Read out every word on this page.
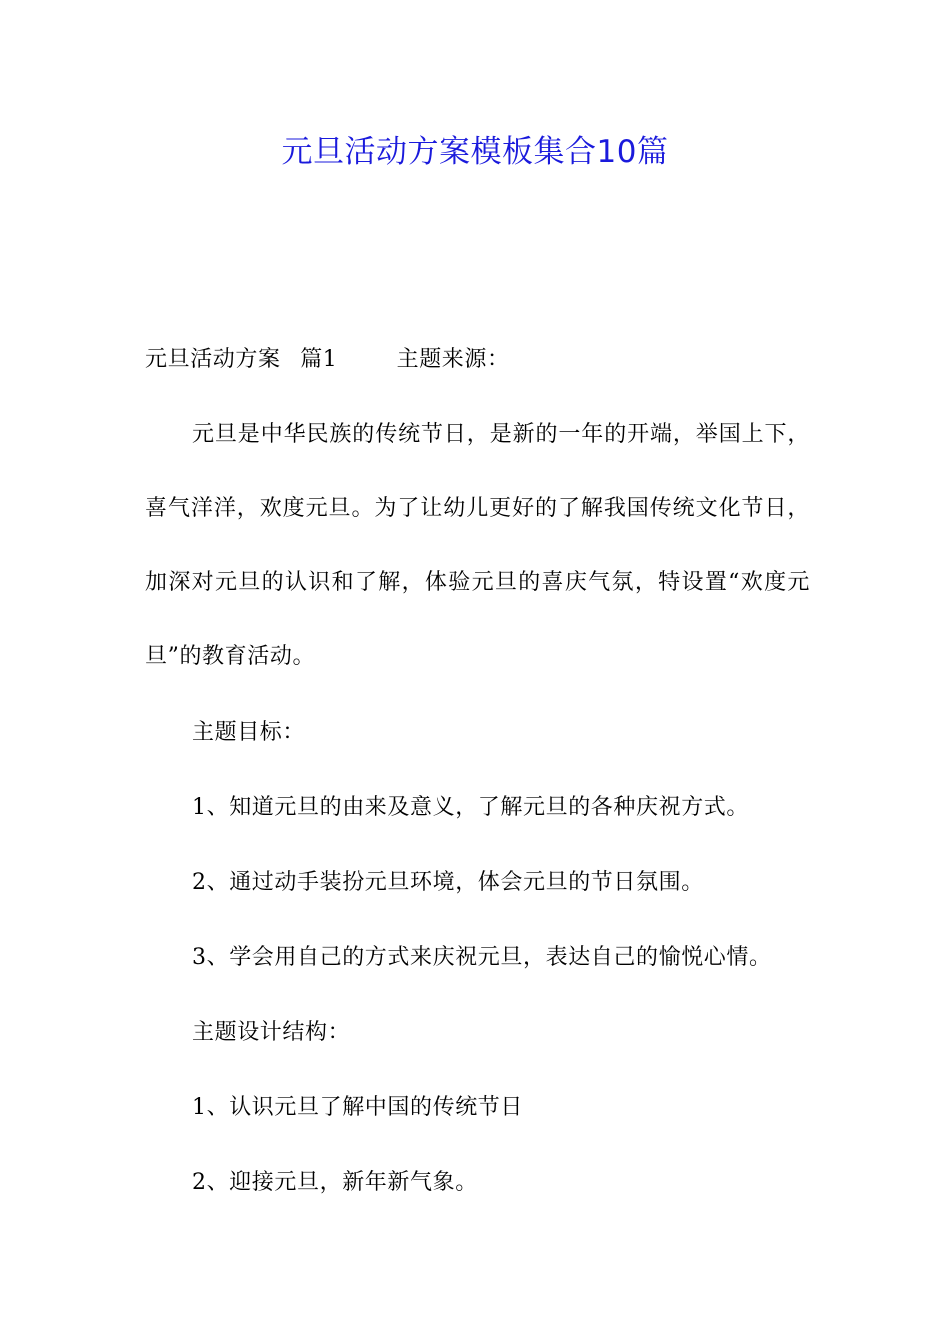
元旦活动方案模板集合10篇
元旦活动方案 篇1	主题来源：
元旦是中华民族的传统节日，是新的一年的开端，举国上下，喜气洋洋，欢度元旦。为了让幼儿更好的了解我国传统文化节日，加深对元旦的认识和了解，体验元旦的喜庆气氛，特设置“欢度元旦”的教育活动。
主题目标：
1、知道元旦的由来及意义，了解元旦的各种庆祝方式。
2、通过动手装扮元旦环境，体会元旦的节日氛围。
3、学会用自己的方式来庆祝元旦，表达自己的愉悦心情。
主题设计结构：
1、认识元旦了解中国的传统节日
2、迎接元旦，新年新气象。
